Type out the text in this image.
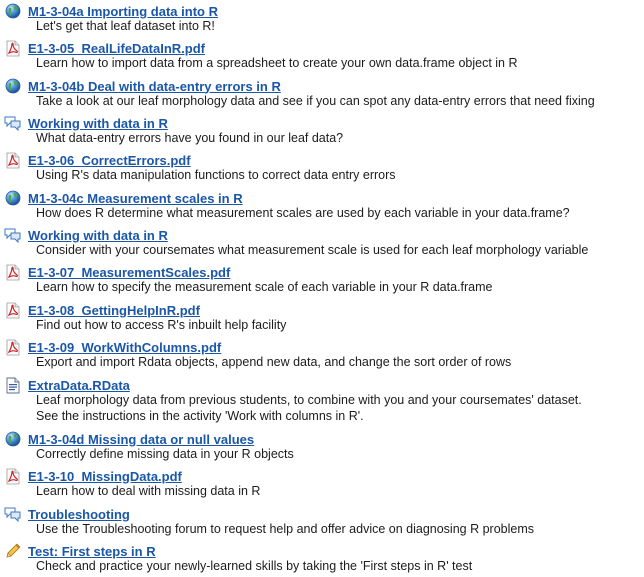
M1-3-04a Importing data into R
Let's get that leaf dataset into R!
E1-3-05_RealLifeDataInR.pdf
Learn how to import data from a spreadsheet to create your own data.frame object in R
M1-3-04b Deal with data-entry errors in R
Take a look at our leaf morphology data and see if you can spot any data-entry errors that need fixing
Working with data in R
What data-entry errors have you found in our leaf data?
E1-3-06_CorrectErrors.pdf
Using R's data manipulation functions to correct data entry errors
M1-3-04c Measurement scales in R
How does R determine what measurement scales are used by each variable in your data.frame?
Working with data in R
Consider with your coursemates what measurement scale is used for each leaf morphology variable
E1-3-07_MeasurementScales.pdf
Learn how to specify the measurement scale of each variable in your R data.frame
E1-3-08_GettingHelpInR.pdf
Find out how to access R's inbuilt help facility
E1-3-09_WorkWithColumns.pdf
Export and import Rdata objects, append new data, and change the sort order of rows
ExtraData.RData
Leaf morphology data from previous students, to combine with you and your coursemates' dataset.
See the instructions in the activity 'Work with columns in R'.
M1-3-04d Missing data or null values
Correctly define missing data in your R objects
E1-3-10_MissingData.pdf
Learn how to deal with missing data in R
Troubleshooting
Use the Troubleshooting forum to request help and offer advice on diagnosing R problems
Test: First steps in R
Check and practice your newly-learned skills by taking the 'First steps in R' test
